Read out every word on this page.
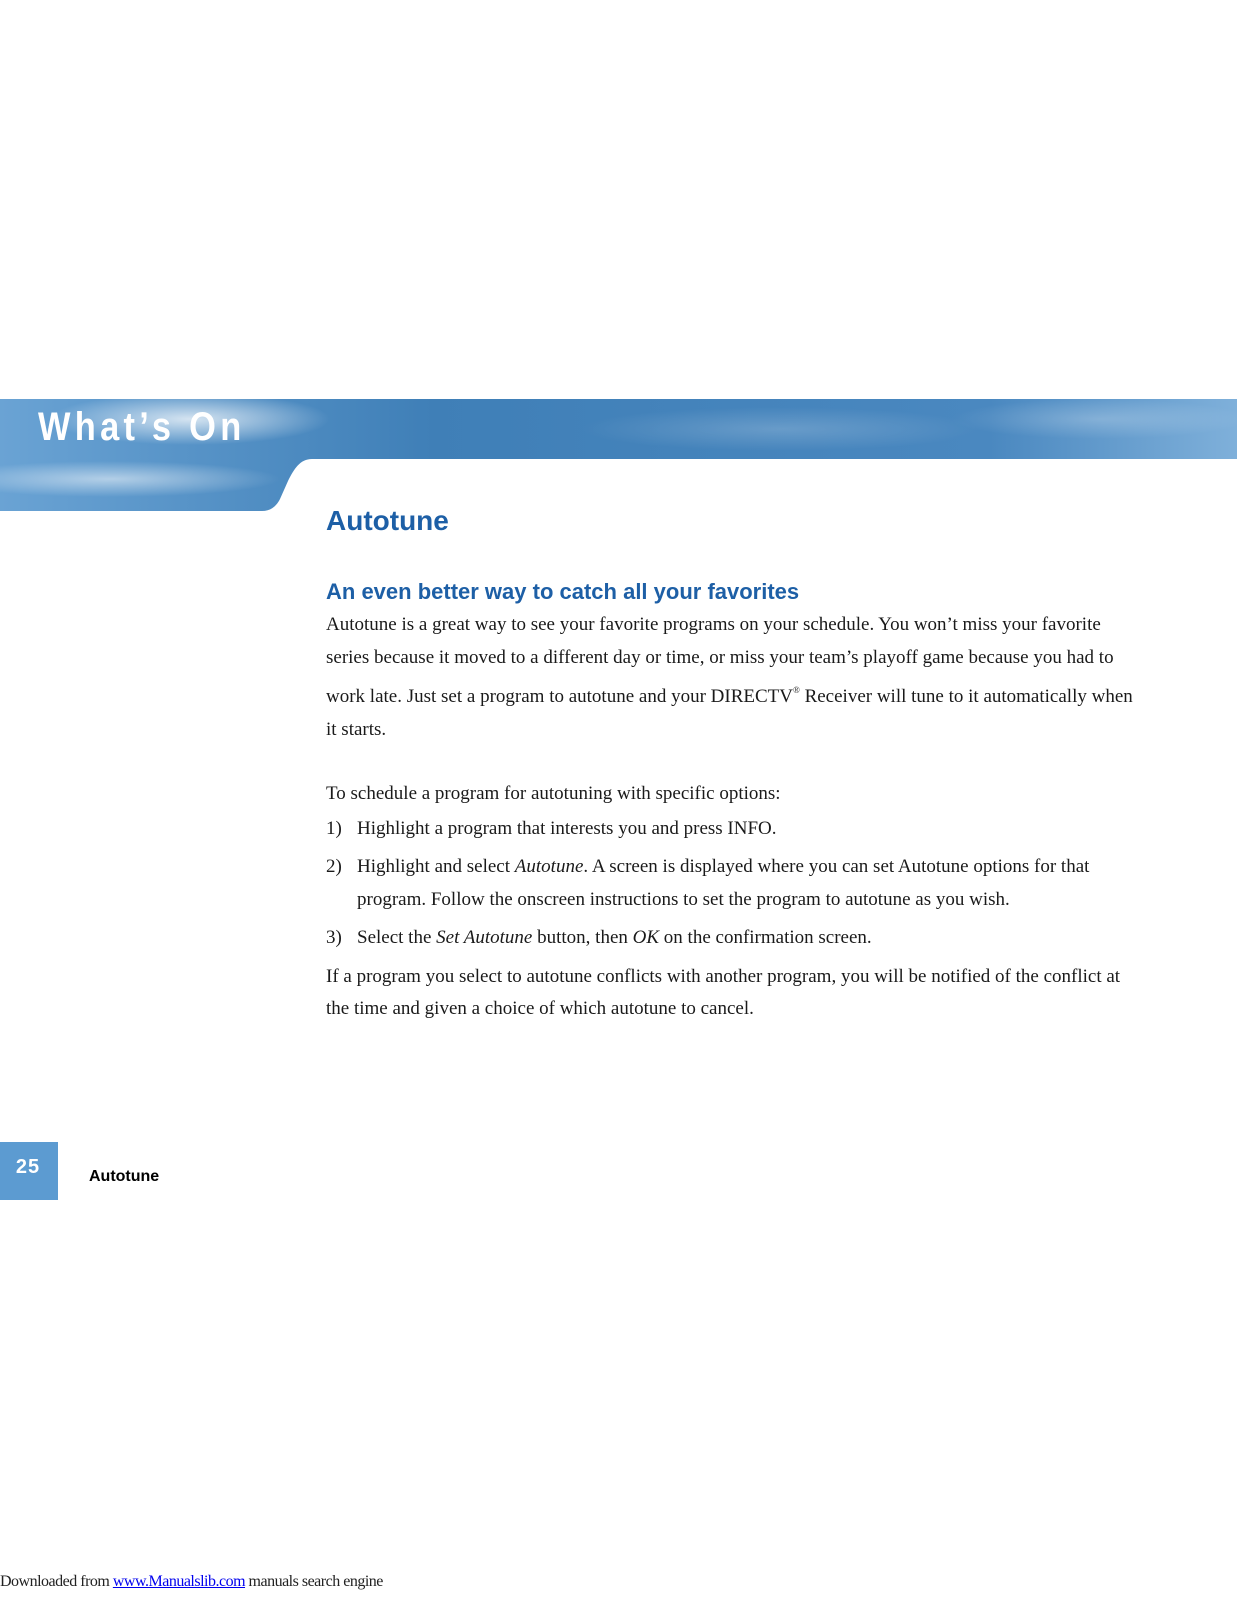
What’s On
Autotune
An even better way to catch all your favorites

Autotune is a great way to see your favorite programs on your schedule. You won’t miss your favorite series because it moved to a different day or time, or miss your team’s playoff game because you had to work late. Just set a program to autotune and your DIRECTV® Receiver will tune to it automatically when it starts.

To schedule a program for autotuning with specific options:

1) Highlight a program that interests you and press INFO.
2) Highlight and select Autotune. A screen is displayed where you can set Autotune options for that program. Follow the onscreen instructions to set the program to autotune as you wish.
3) Select the Set Autotune button, then OK on the confirmation screen.

If a program you select to autotune conflicts with another program, you will be notified of the conflict at the time and given a choice of which autotune to cancel.

25	Autotune
Downloaded from www.Manualslib.com manuals search engine
